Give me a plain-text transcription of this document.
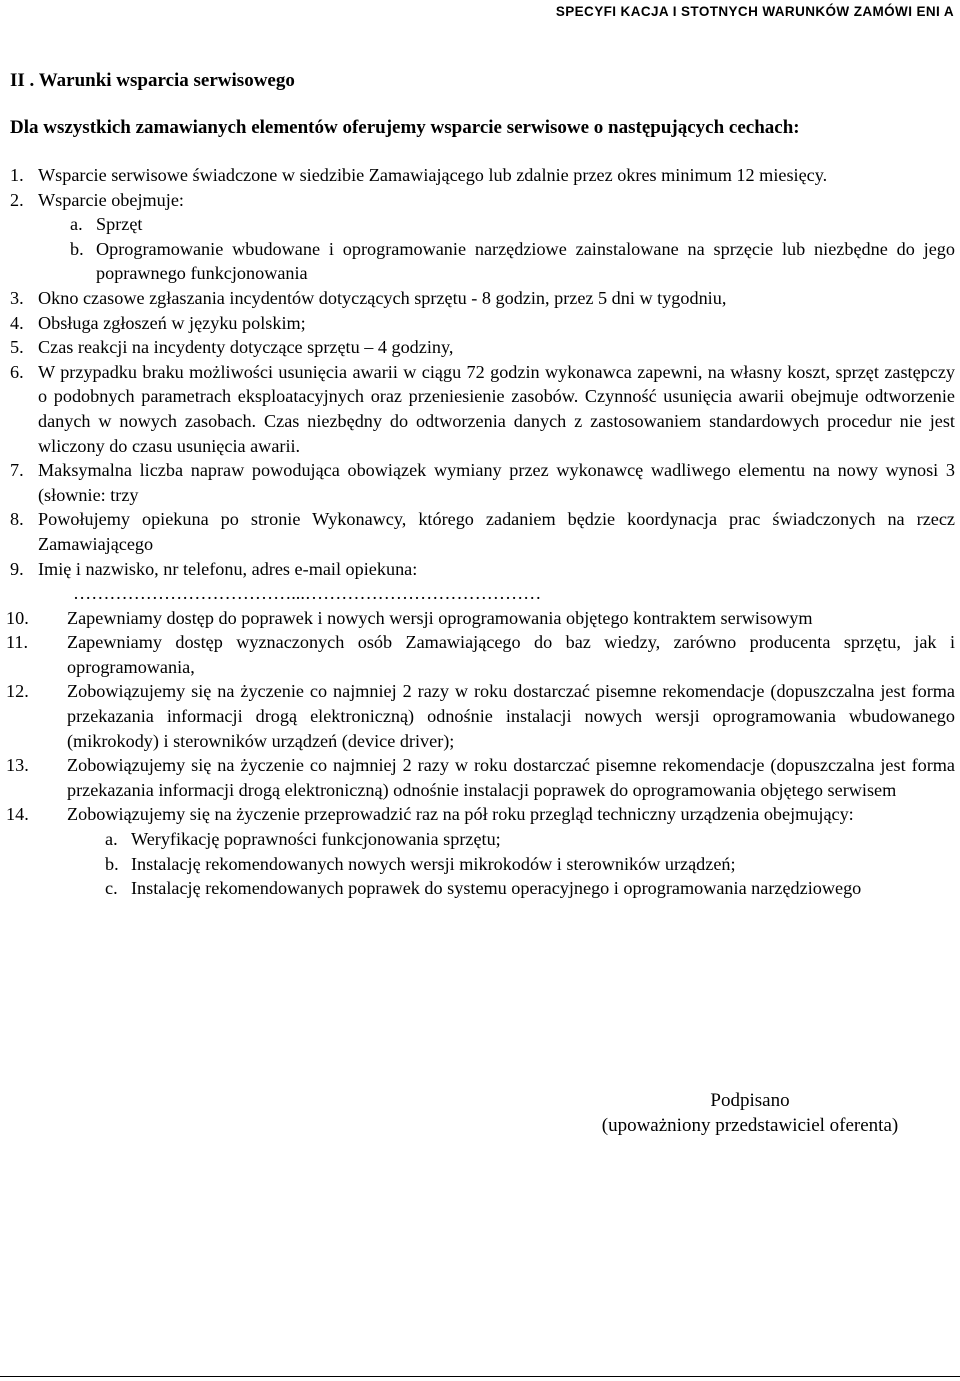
SPECYFI KACJA I STOTNYCH WARUNKÓW ZAMÓWI ENI A
II . Warunki wsparcia serwisowego
Dla wszystkich zamawianych elementów oferujemy wsparcie serwisowe o następujących cechach:
1. Wsparcie serwisowe świadczone w siedzibie Zamawiającego lub zdalnie przez okres minimum 12 miesięcy.
2. Wsparcie obejmuje:
a. Sprzęt
b. Oprogramowanie wbudowane i oprogramowanie narzędziowe zainstalowane na sprzęcie lub niezbędne do jego poprawnego funkcjonowania
3. Okno czasowe zgłaszania incydentów dotyczących sprzętu - 8 godzin, przez 5 dni w tygodniu,
4. Obsługa zgłoszeń w języku polskim;
5. Czas reakcji na incydenty dotyczące sprzętu – 4 godziny,
6. W przypadku braku możliwości usunięcia awarii w ciągu 72 godzin wykonawca zapewni, na własny koszt, sprzęt zastępczy o podobnych parametrach eksploatacyjnych oraz przeniesienie zasobów. Czynność usunięcia awarii obejmuje odtworzenie danych w nowych zasobach. Czas niezbędny do odtworzenia danych z zastosowaniem standardowych procedur nie jest wliczony do czasu usunięcia awarii.
7. Maksymalna liczba napraw powodująca obowiązek wymiany przez wykonawcę wadliwego elementu na nowy wynosi 3 (słownie: trzy
8. Powołujemy opiekuna po stronie Wykonawcy, którego zadaniem będzie koordynacja prac świadczonych na rzecz Zamawiającego
9. Imię i nazwisko, nr telefonu, adres e-mail opiekuna:
………………………………...…………………………………
10.	Zapewniamy dostęp do poprawek i nowych wersji oprogramowania objętego kontraktem serwisowym
11.	Zapewniamy dostęp wyznaczonych osób Zamawiającego do baz wiedzy, zarówno producenta sprzętu, jak i oprogramowania,
12.	Zobowiązujemy się na życzenie co najmniej 2 razy w roku dostarczać pisemne rekomendacje (dopuszczalna jest forma przekazania informacji drogą elektroniczną) odnośnie instalacji nowych wersji oprogramowania wbudowanego (mikrokody) i sterowników urządzeń (device driver);
13.	Zobowiązujemy się na życzenie co najmniej 2 razy w roku dostarczać pisemne rekomendacje (dopuszczalna jest forma przekazania informacji drogą elektroniczną) odnośnie instalacji poprawek do oprogramowania objętego serwisem
14.	Zobowiązujemy się na życzenie przeprowadzić raz na pół roku przegląd techniczny urządzenia obejmujący:
a. Weryfikację poprawności funkcjonowania sprzętu;
b. Instalację rekomendowanych nowych wersji mikrokodów i sterowników urządzeń;
c. Instalację rekomendowanych poprawek do systemu operacyjnego i oprogramowania narzędziowego
Podpisano
(upoważniony przedstawiciel oferenta)
